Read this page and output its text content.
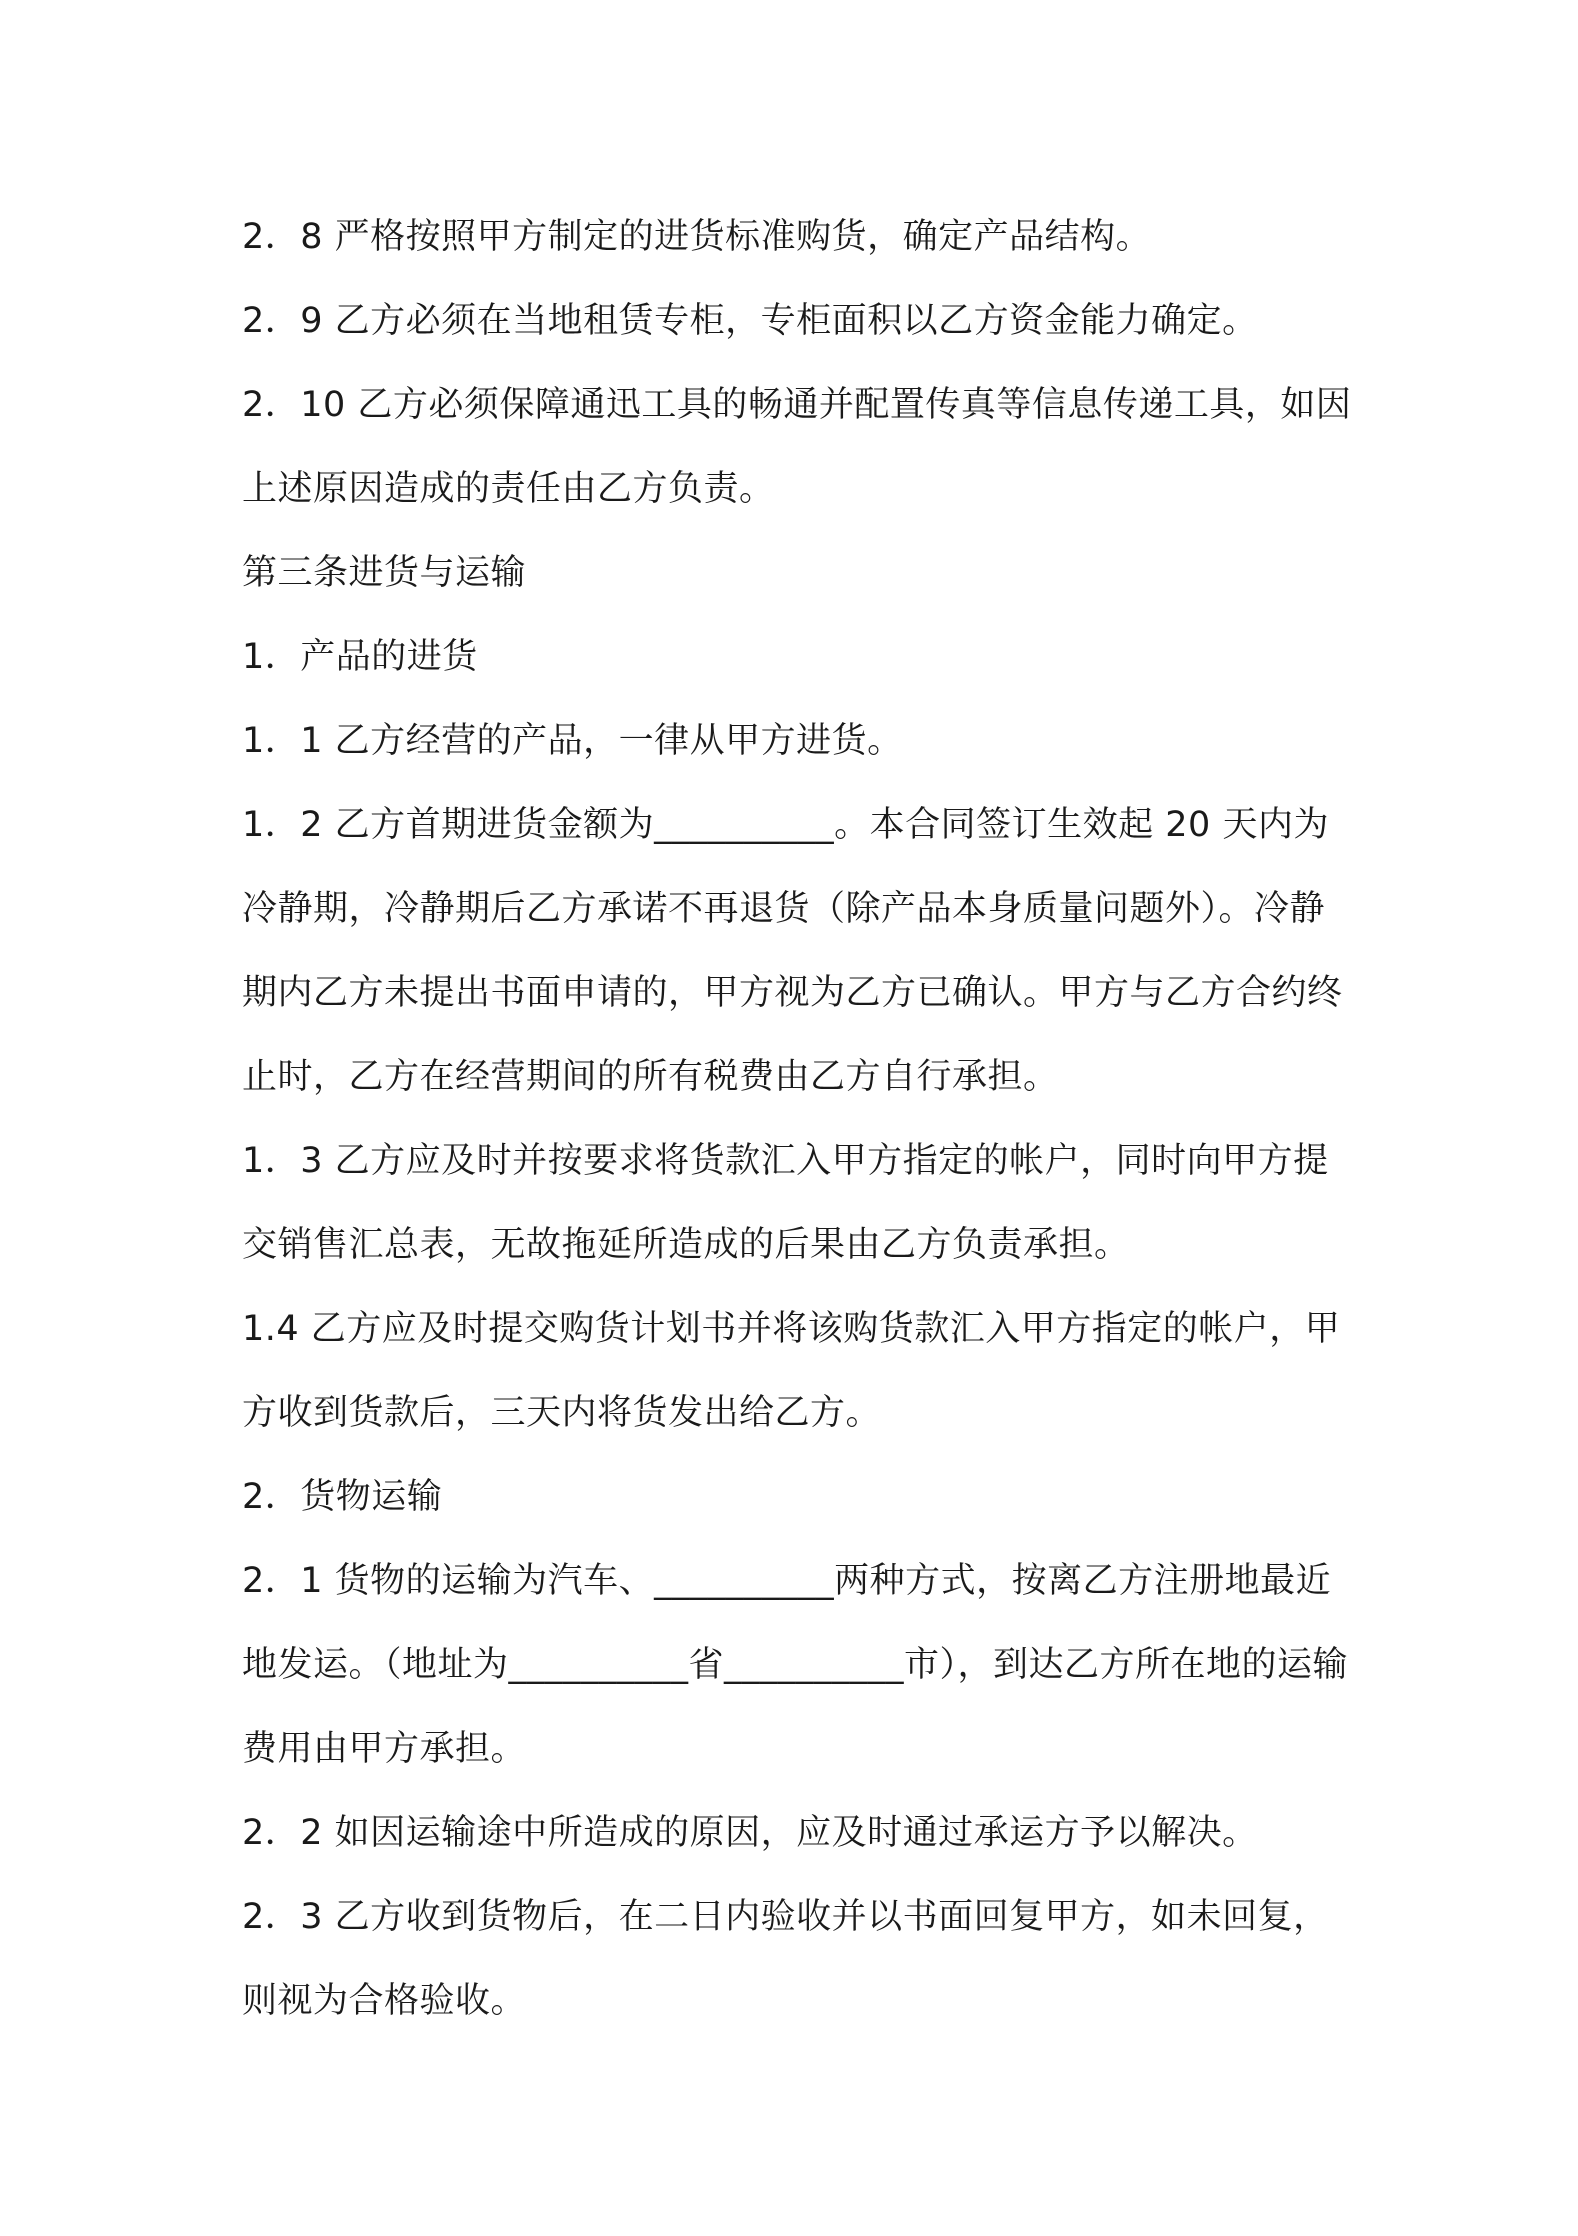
2．8 严格按照甲方制定的进货标准购货，确定产品结构。

2．9 乙方必须在当地租赁专柜，专柜面积以乙方资金能力确定。

2．10 乙方必须保障通迅工具的畅通并配置传真等信息传递工具，如因上述原因造成的责任由乙方负责。

第三条进货与运输

1．产品的进货

1．1 乙方经营的产品，一律从甲方进货。

1．2 乙方首期进货金额为__________。本合同签订生效起 20 天内为冷静期，冷静期后乙方承诺不再退货（除产品本身质量问题外）。冷静期内乙方未提出书面申请的，甲方视为乙方已确认。甲方与乙方合约终止时，乙方在经营期间的所有税费由乙方自行承担。

1．3 乙方应及时并按要求将货款汇入甲方指定的帐户，同时向甲方提交销售汇总表，无故拖延所造成的后果由乙方负责承担。

1.4 乙方应及时提交购货计划书并将该购货款汇入甲方指定的帐户，甲方收到货款后，三天内将货发出给乙方。

2．货物运输

2．1 货物的运输为汽车、__________两种方式，按离乙方注册地最近地发运。（地址为__________省__________市），到达乙方所在地的运输费用由甲方承担。

2．2 如因运输途中所造成的原因，应及时通过承运方予以解决。

2．3 乙方收到货物后，在二日内验收并以书面回复甲方，如未回复，则视为合格验收。
